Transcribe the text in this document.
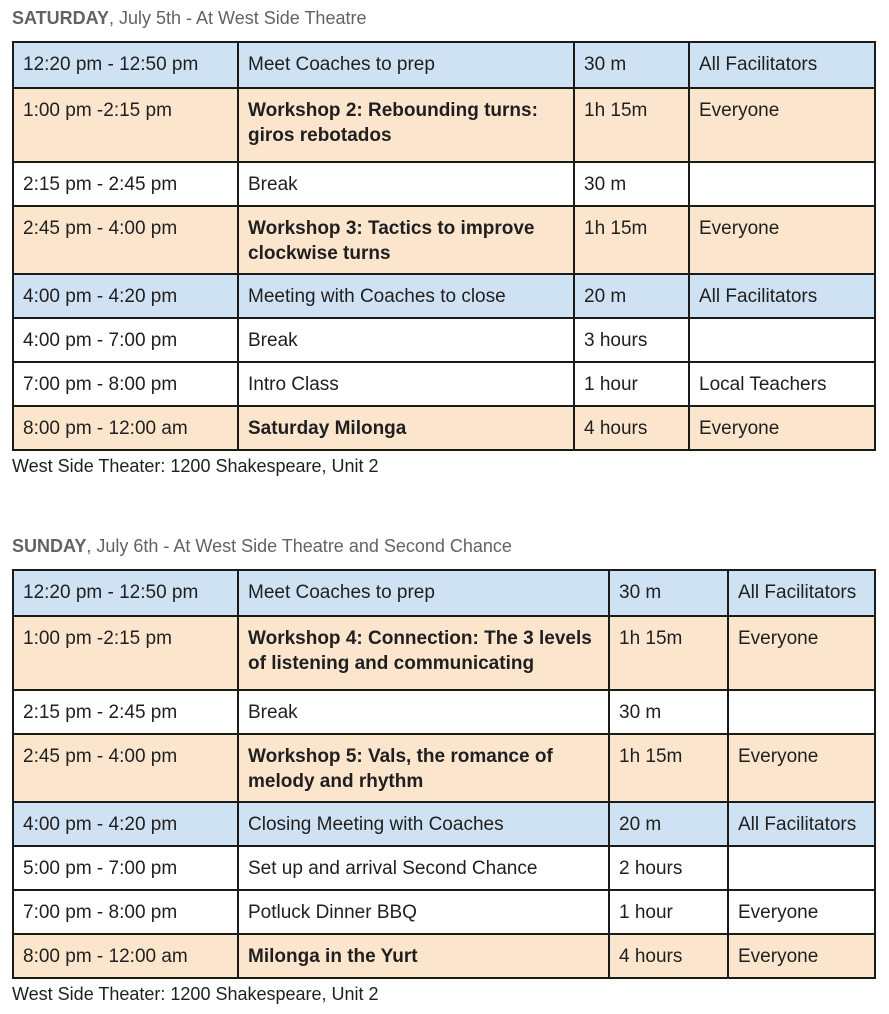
SATURDAY, July 5th - At West Side Theatre
12:20 pm - 12:50 pm	Meet Coaches to prep	30 m	All Facilitators
1:00 pm -2:15 pm	Workshop 2: Rebounding turns: giros rebotados	1h 15m	Everyone
2:15 pm - 2:45 pm	Break	30 m	
2:45 pm - 4:00 pm	Workshop 3: Tactics to improve clockwise turns	1h 15m	Everyone
4:00 pm - 4:20 pm	Meeting with Coaches to close	20 m	All Facilitators
4:00 pm - 7:00 pm	Break	3 hours	
7:00 pm - 8:00 pm	Intro Class	1 hour	Local Teachers
8:00 pm - 12:00 am	Saturday Milonga	4 hours	Everyone
West Side Theater: 1200 Shakespeare, Unit 2
SUNDAY, July 6th - At West Side Theatre and Second Chance
12:20 pm - 12:50 pm	Meet Coaches to prep	30 m	All Facilitators
1:00 pm -2:15 pm	Workshop 4: Connection: The 3 levels of listening and communicating	1h 15m	Everyone
2:15 pm - 2:45 pm	Break	30 m	
2:45 pm - 4:00 pm	Workshop 5: Vals, the romance of melody and rhythm	1h 15m	Everyone
4:00 pm - 4:20 pm	Closing Meeting with Coaches	20 m	All Facilitators
5:00 pm - 7:00 pm	Set up and arrival Second Chance	2 hours	
7:00 pm - 8:00 pm	Potluck Dinner BBQ	1 hour	Everyone
8:00 pm - 12:00 am	Milonga in the Yurt	4 hours	Everyone
West Side Theater: 1200 Shakespeare, Unit 2
